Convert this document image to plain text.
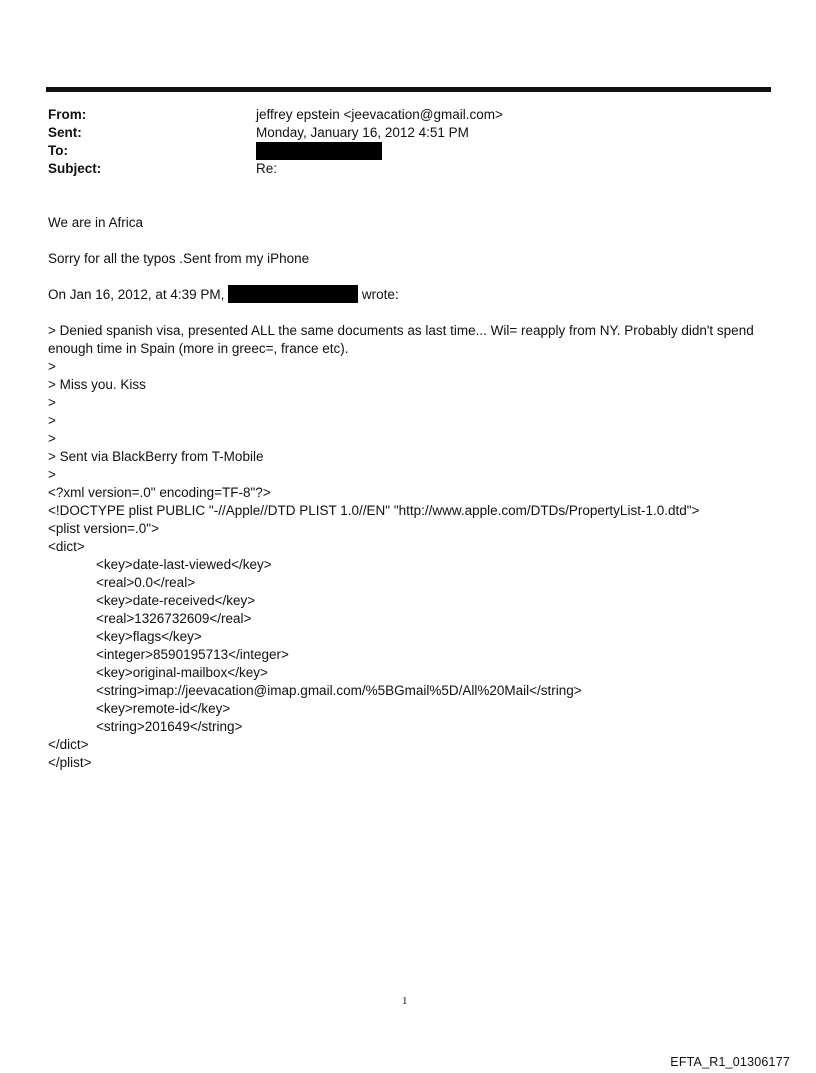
From:	jeffrey epstein <jeevacation@gmail.com>
Sent:	Monday, January 16, 2012 4:51 PM
To:
Subject:	Re:

We are in Africa

Sorry for all the typos .Sent from my iPhone

On Jan 16, 2012, at 4:39 PM,	wrote:

> Denied spanish visa, presented ALL the same documents as last time... Wil= reapply from NY. Probably didn't spend enough time in Spain (more in greec=, france etc).

>

> Miss you. Kiss

>

>

>

> Sent via BlackBerry from T-Mobile

>

<?xml version=.0" encoding=TF-8"?>

<!DOCTYPE plist PUBLIC "-//Apple//DTD PLIST 1.0//EN" "http://www.apple.com/DTDs/PropertyList-1.0.dtd">

<plist version=.0">

<dict>

<key>date-last-viewed</key>

<real>0.0</real>

<key>date-received</key>

<real>1326732609</real>

<key>flags</key>

<integer>8590195713</integer>

<key>original-mailbox</key>

<string>imap://jeevacation@imap.gmail.com/%5BGmail%5D/All%20Mail</string>

<key>remote-id</key>

<string>201649</string>

</dict>

</plist>

1
EFTA_R1_01306177
